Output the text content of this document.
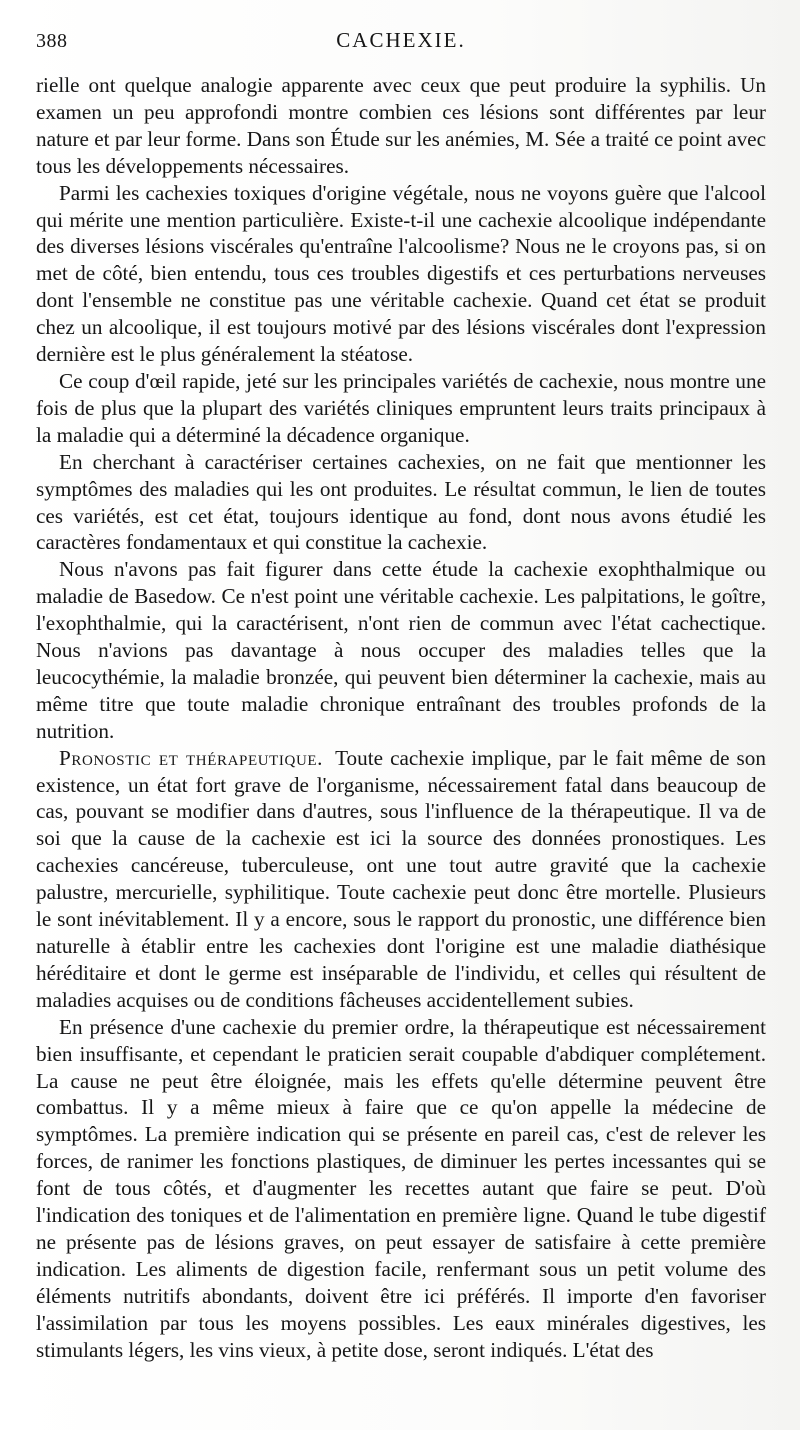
388	CACHEXIE.

rielle ont quelque analogie apparente avec ceux que peut produire la syphilis. Un examen un peu approfondi montre combien ces lésions sont différentes par leur nature et par leur forme. Dans son Étude sur les anémies, M. Sée a traité ce point avec tous les développements nécessaires.

Parmi les cachexies toxiques d'origine végétale, nous ne voyons guère que l'alcool qui mérite une mention particulière. Existe-t-il une cachexie alcoolique indépendante des diverses lésions viscérales qu'entraîne l'alcoolisme? Nous ne le croyons pas, si on met de côté, bien entendu, tous ces troubles digestifs et ces perturbations nerveuses dont l'ensemble ne constitue pas une véritable cachexie. Quand cet état se produit chez un alcoolique, il est toujours motivé par des lésions viscérales dont l'expression dernière est le plus généralement la stéatose.

Ce coup d'œil rapide, jeté sur les principales variétés de cachexie, nous montre une fois de plus que la plupart des variétés cliniques empruntent leurs traits principaux à la maladie qui a déterminé la décadence organique.

En cherchant à caractériser certaines cachexies, on ne fait que mentionner les symptômes des maladies qui les ont produites. Le résultat commun, le lien de toutes ces variétés, est cet état, toujours identique au fond, dont nous avons étudié les caractères fondamentaux et qui constitue la cachexie.

Nous n'avons pas fait figurer dans cette étude la cachexie exophthalmique ou maladie de Basedow. Ce n'est point une véritable cachexie. Les palpitations, le goître, l'exophthalmie, qui la caractérisent, n'ont rien de commun avec l'état cachectique. Nous n'avions pas davantage à nous occuper des maladies telles que la leucocythémie, la maladie bronzée, qui peuvent bien déterminer la cachexie, mais au même titre que toute maladie chronique entraînant des troubles profonds de la nutrition.

Pronostic et thérapeutique. Toute cachexie implique, par le fait même de son existence, un état fort grave de l'organisme, nécessairement fatal dans beaucoup de cas, pouvant se modifier dans d'autres, sous l'influence de la thérapeutique. Il va de soi que la cause de la cachexie est ici la source des données pronostiques. Les cachexies cancéreuse, tuberculeuse, ont une tout autre gravité que la cachexie palustre, mercurielle, syphilitique. Toute cachexie peut donc être mortelle. Plusieurs le sont inévitablement. Il y a encore, sous le rapport du pronostic, une différence bien naturelle à établir entre les cachexies dont l'origine est une maladie diathésique héréditaire et dont le germe est inséparable de l'individu, et celles qui résultent de maladies acquises ou de conditions fâcheuses accidentellement subies.

En présence d'une cachexie du premier ordre, la thérapeutique est nécessairement bien insuffisante, et cependant le praticien serait coupable d'abdiquer complétement. La cause ne peut être éloignée, mais les effets qu'elle détermine peuvent être combattus. Il y a même mieux à faire que ce qu'on appelle la médecine de symptômes. La première indication qui se présente en pareil cas, c'est de relever les forces, de ranimer les fonctions plastiques, de diminuer les pertes incessantes qui se font de tous côtés, et d'augmenter les recettes autant que faire se peut. D'où l'indication des toniques et de l'alimentation en première ligne. Quand le tube digestif ne présente pas de lésions graves, on peut essayer de satisfaire à cette première indication. Les aliments de digestion facile, renfermant sous un petit volume des éléments nutritifs abondants, doivent être ici préférés. Il importe d'en favoriser l'assimilation par tous les moyens possibles. Les eaux minérales digestives, les stimulants légers, les vins vieux, à petite dose, seront indiqués. L'état des
